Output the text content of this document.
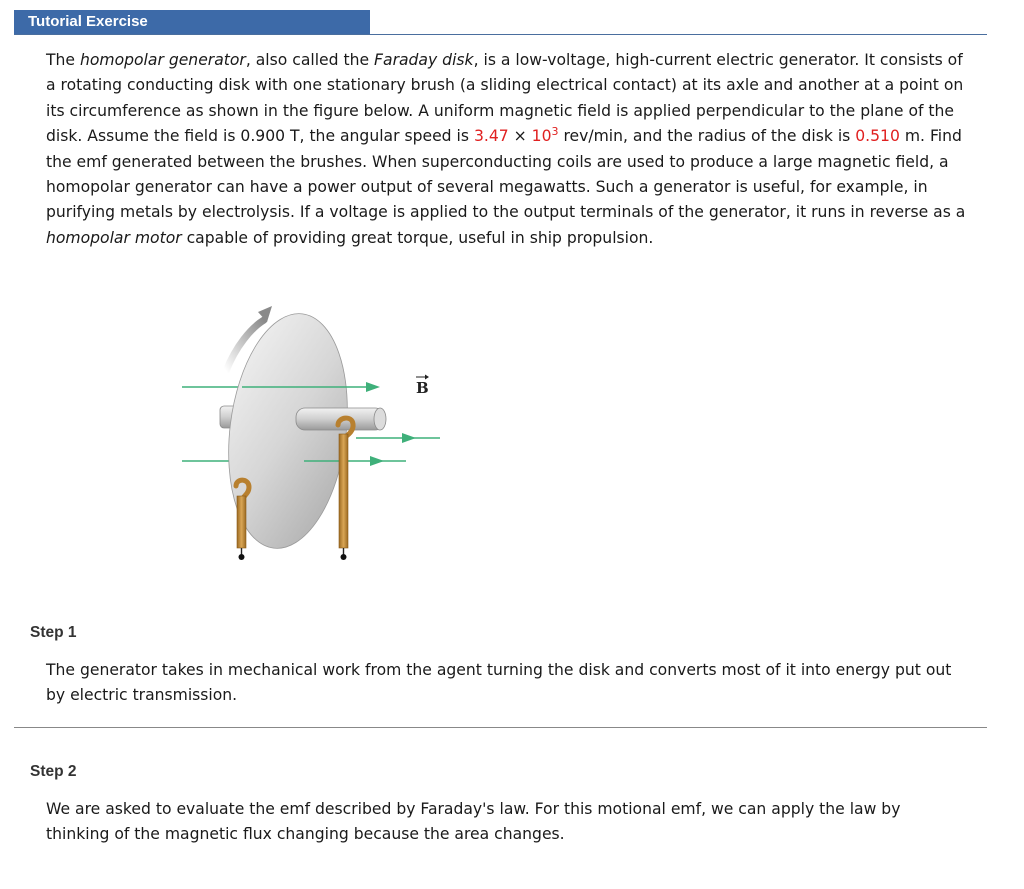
Tutorial Exercise

The homopolar generator, also called the Faraday disk, is a low-voltage, high-current electric generator. It consists of a rotating conducting disk with one stationary brush (a sliding electrical contact) at its axle and another at a point on its circumference as shown in the figure below. A uniform magnetic field is applied perpendicular to the plane of the disk. Assume the field is 0.900 T, the angular speed is $3.47 \times 10^3$ rev/min, and the radius of the disk is 0.510 m. Find the emf generated between the brushes. When superconducting coils are used to produce a large magnetic field, a homopolar generator can have a power output of several megawatts. Such a generator is useful, for example, in purifying metals by electrolysis. If a voltage is applied to the output terminals of the generator, it runs in reverse as a homopolar motor capable of providing great torque, useful in ship propulsion.

B
Step 1
The generator takes in mechanical work from the agent turning the disk and converts most of it into energy put out by electric transmission.
Step 2
We are asked to evaluate the emf described by Faraday's law. For this motional emf, we can apply the law by thinking of the magnetic flux changing because the area changes.
